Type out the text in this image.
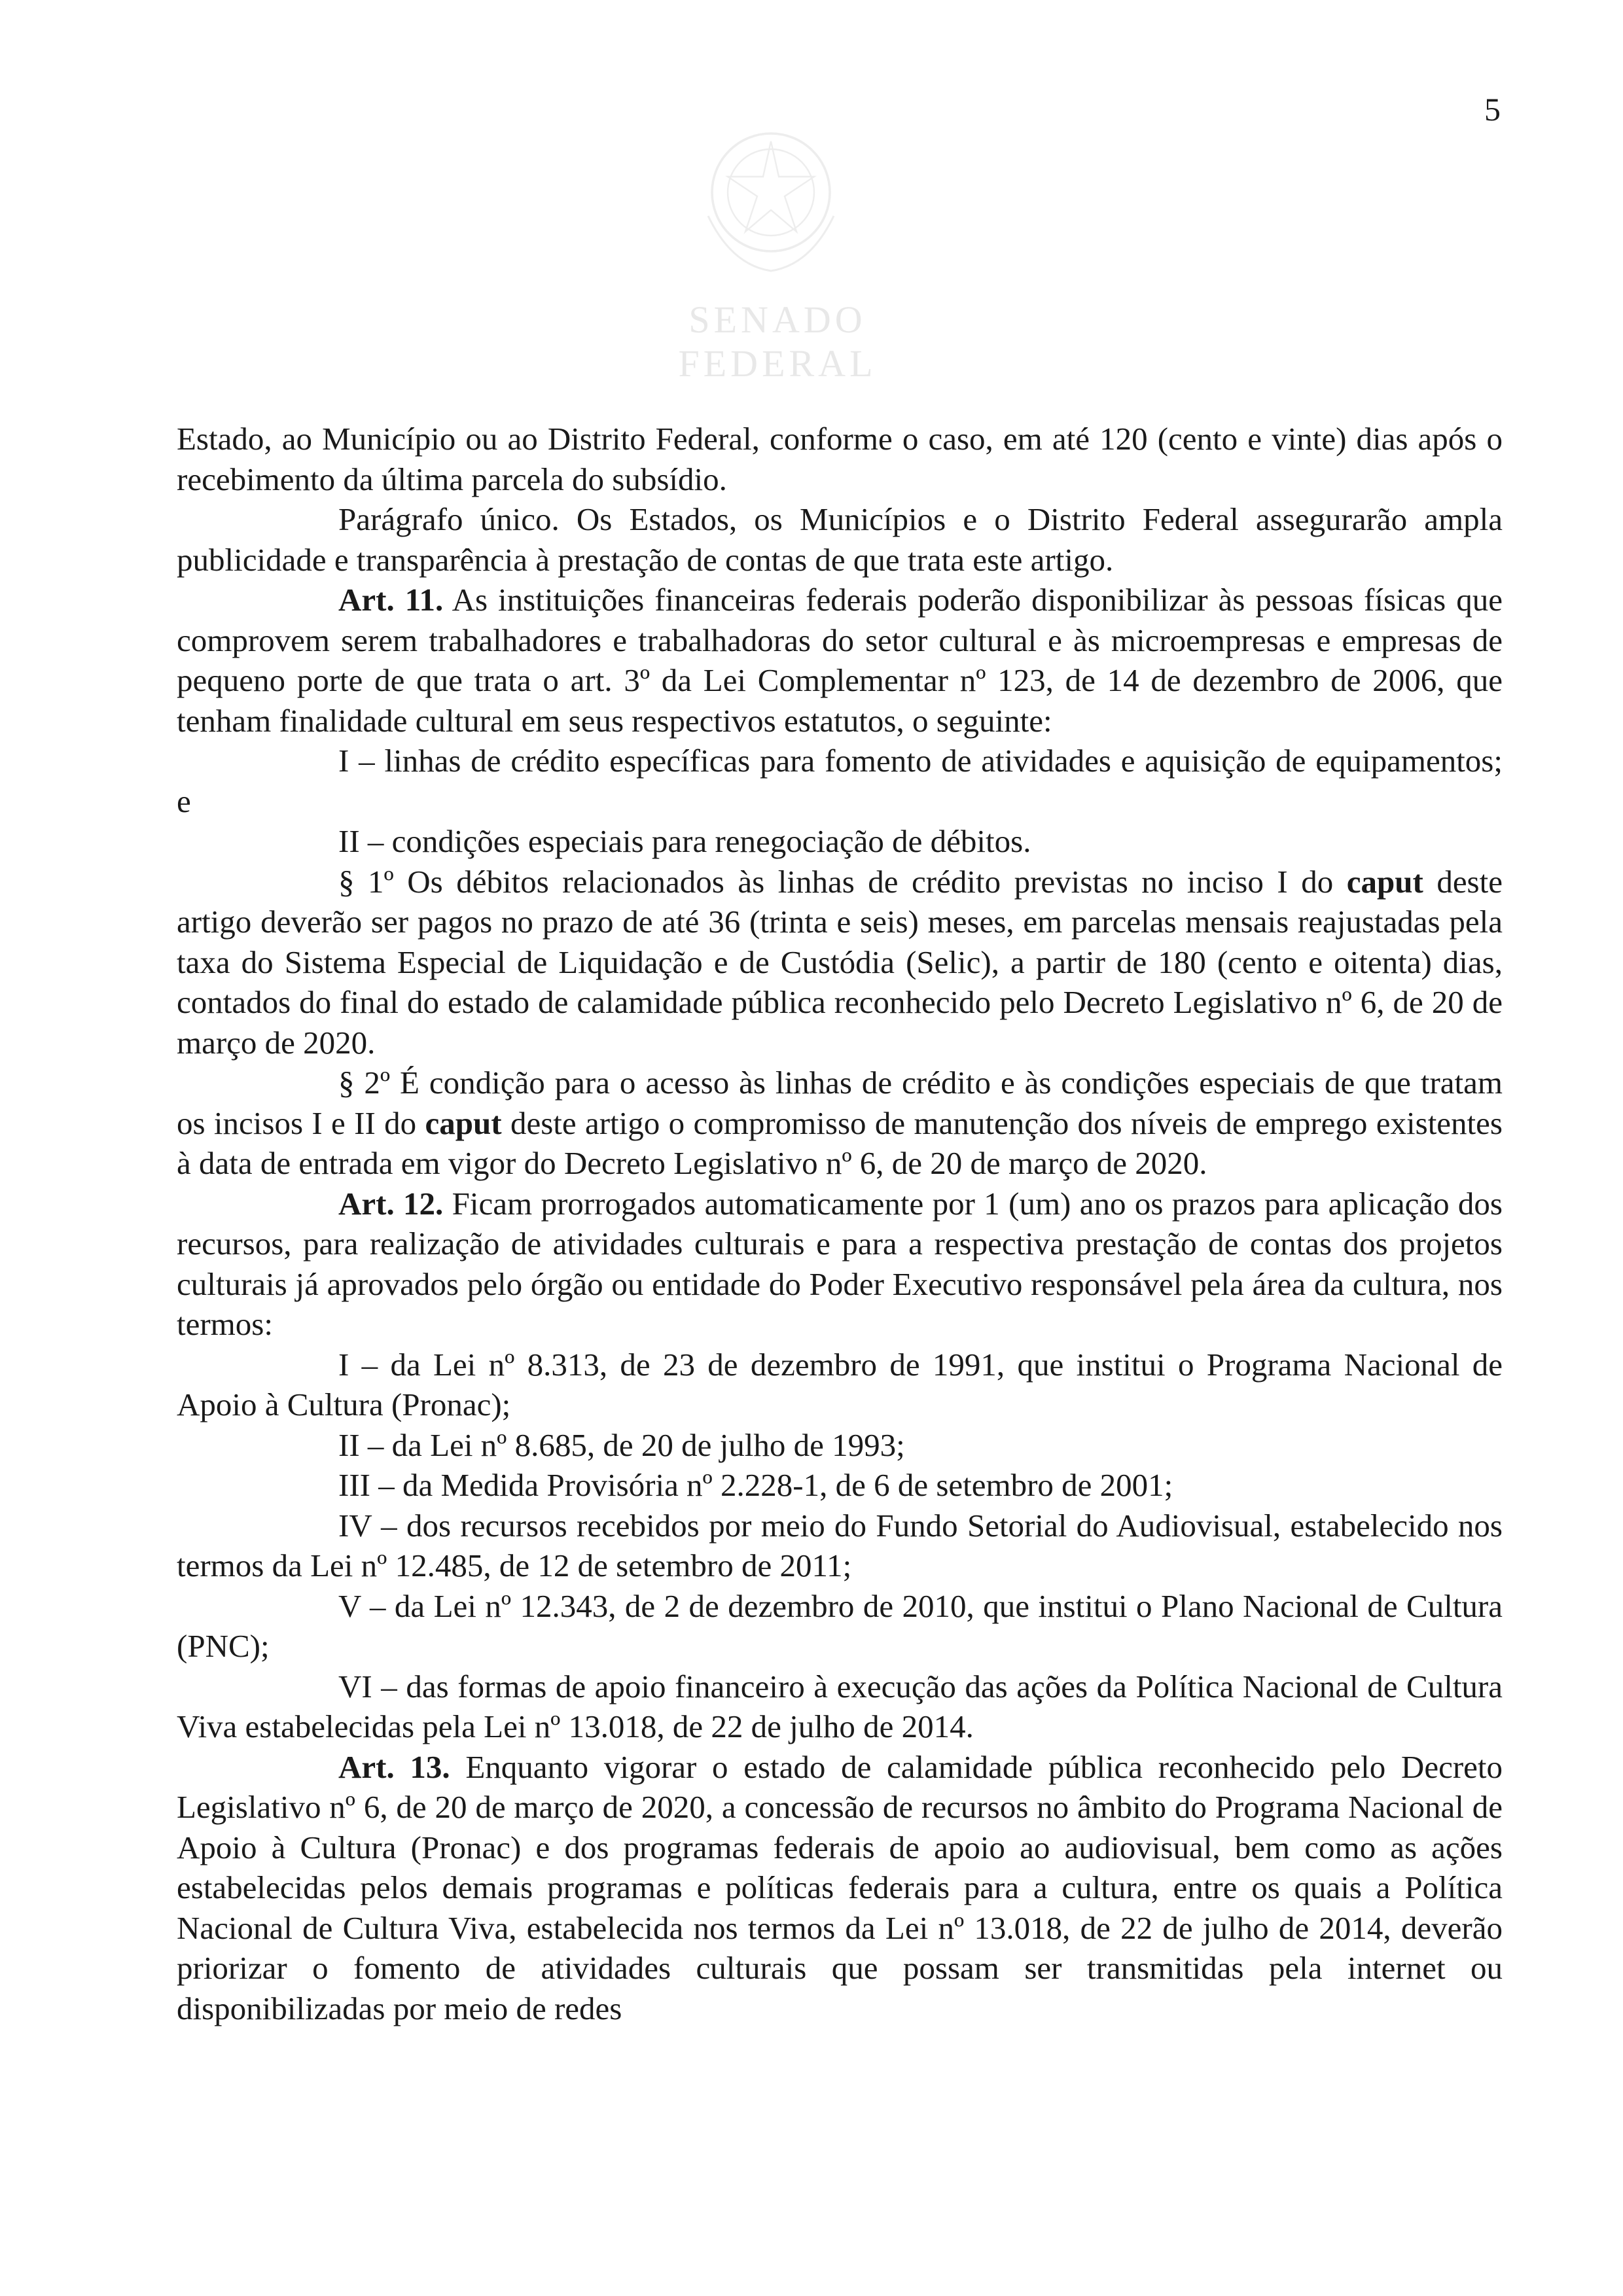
5
SENADO FEDERAL

Estado, ao Município ou ao Distrito Federal, conforme o caso, em até 120 (cento e vinte) dias após o recebimento da última parcela do subsídio.

Parágrafo único. Os Estados, os Municípios e o Distrito Federal assegurarão ampla publicidade e transparência à prestação de contas de que trata este artigo.

Art. 11. As instituições financeiras federais poderão disponibilizar às pessoas físicas que comprovem serem trabalhadores e trabalhadoras do setor cultural e às microempresas e empresas de pequeno porte de que trata o art. 3º da Lei Complementar nº 123, de 14 de dezembro de 2006, que tenham finalidade cultural em seus respectivos estatutos, o seguinte:

I – linhas de crédito específicas para fomento de atividades e aquisição de equipamentos; e

II – condições especiais para renegociação de débitos.

§ 1º Os débitos relacionados às linhas de crédito previstas no inciso I do caput deste artigo deverão ser pagos no prazo de até 36 (trinta e seis) meses, em parcelas mensais reajustadas pela taxa do Sistema Especial de Liquidação e de Custódia (Selic), a partir de 180 (cento e oitenta) dias, contados do final do estado de calamidade pública reconhecido pelo Decreto Legislativo nº 6, de 20 de março de 2020.

§ 2º É condição para o acesso às linhas de crédito e às condições especiais de que tratam os incisos I e II do caput deste artigo o compromisso de manutenção dos níveis de emprego existentes à data de entrada em vigor do Decreto Legislativo nº 6, de 20 de março de 2020.

Art. 12. Ficam prorrogados automaticamente por 1 (um) ano os prazos para aplicação dos recursos, para realização de atividades culturais e para a respectiva prestação de contas dos projetos culturais já aprovados pelo órgão ou entidade do Poder Executivo responsável pela área da cultura, nos termos:

I – da Lei nº 8.313, de 23 de dezembro de 1991, que institui o Programa Nacional de Apoio à Cultura (Pronac);

II – da Lei nº 8.685, de 20 de julho de 1993;

III – da Medida Provisória nº 2.228-1, de 6 de setembro de 2001;

IV – dos recursos recebidos por meio do Fundo Setorial do Audiovisual, estabelecido nos termos da Lei nº 12.485, de 12 de setembro de 2011;

V – da Lei nº 12.343, de 2 de dezembro de 2010, que institui o Plano Nacional de Cultura (PNC);

VI – das formas de apoio financeiro à execução das ações da Política Nacional de Cultura Viva estabelecidas pela Lei nº 13.018, de 22 de julho de 2014.

Art. 13. Enquanto vigorar o estado de calamidade pública reconhecido pelo Decreto Legislativo nº 6, de 20 de março de 2020, a concessão de recursos no âmbito do Programa Nacional de Apoio à Cultura (Pronac) e dos programas federais de apoio ao audiovisual, bem como as ações estabelecidas pelos demais programas e políticas federais para a cultura, entre os quais a Política Nacional de Cultura Viva, estabelecida nos termos da Lei nº 13.018, de 22 de julho de 2014, deverão priorizar o fomento de atividades culturais que possam ser transmitidas pela internet ou disponibilizadas por meio de redes
